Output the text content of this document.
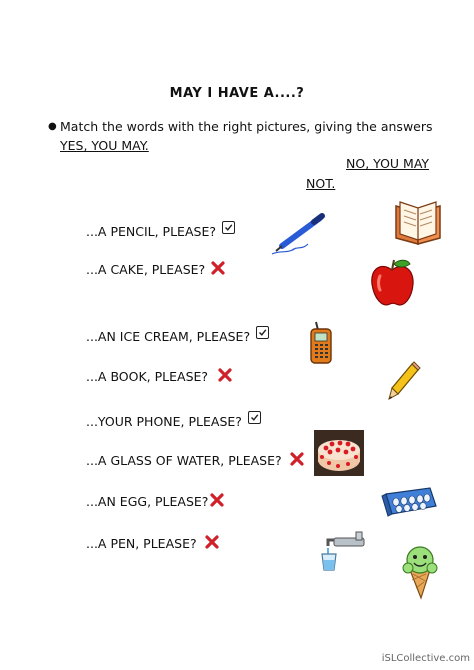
MAY I HAVE A....?
● Match the words with the right pictures, giving the answers YES, YOU MAY.
NO, YOU MAY
NOT.
...A PENCIL, PLEASE?
...A CAKE, PLEASE?
...AN ICE CREAM, PLEASE?
...A BOOK, PLEASE?
...YOUR PHONE, PLEASE?
...A GLASS OF WATER, PLEASE?
...AN EGG, PLEASE?
...A PEN, PLEASE?
iSLCollective.com
